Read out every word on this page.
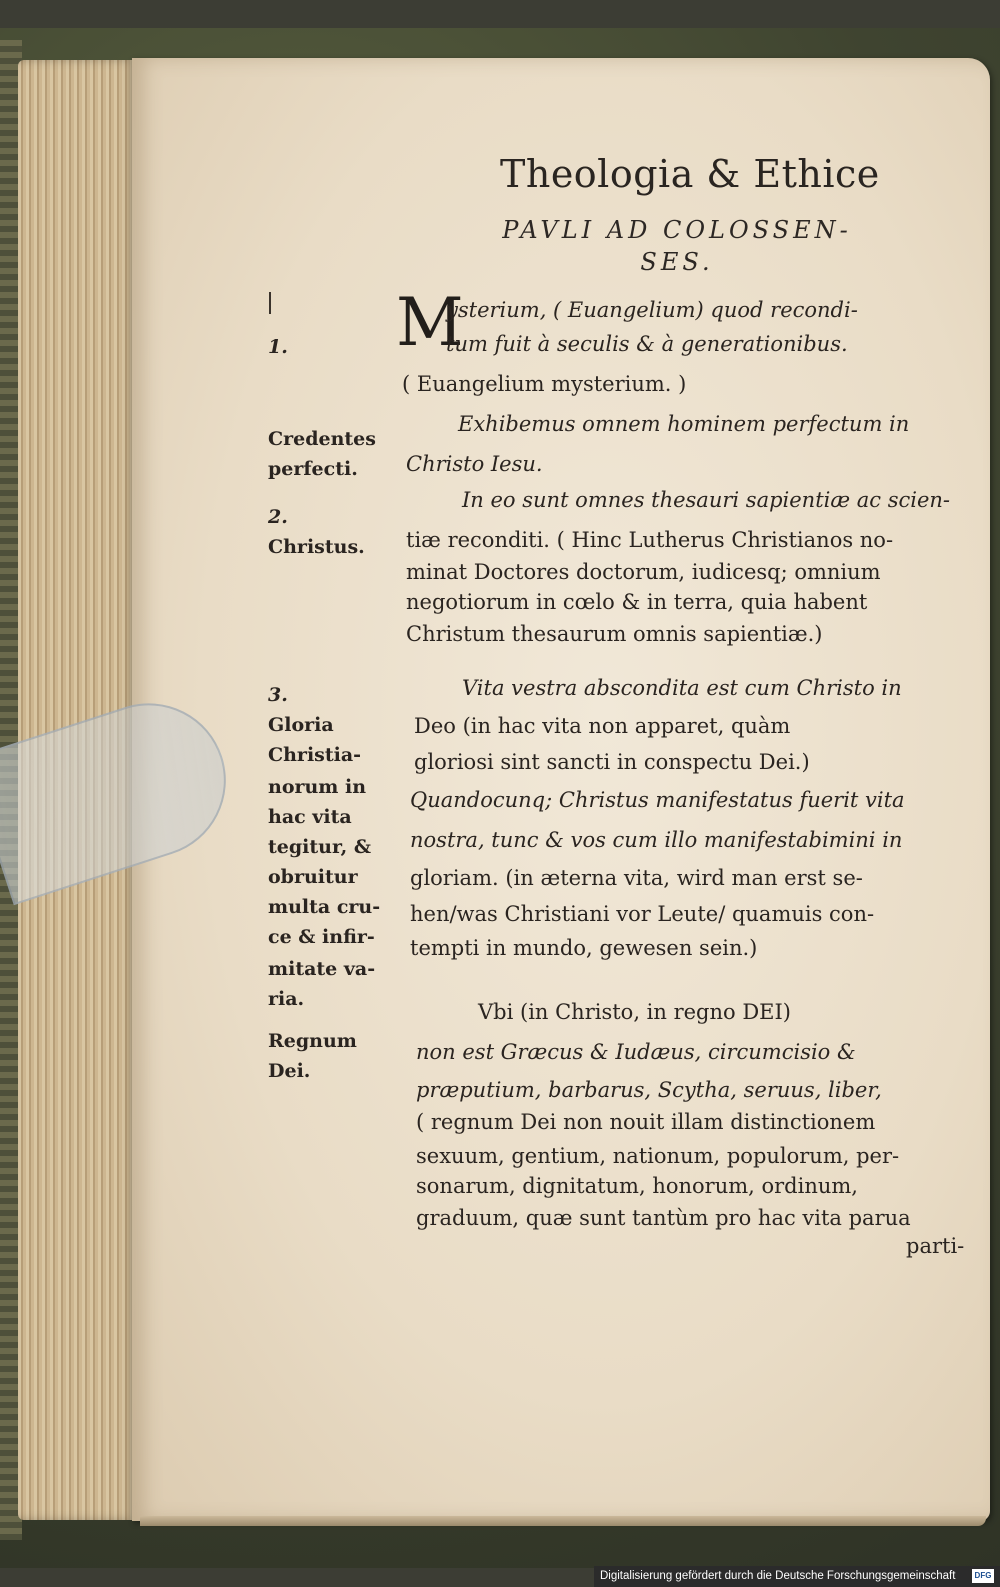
Theologia & Ethice
PAVLI AD COLOSSEN-
SES.
M
ysterium, ( Euangelium) quod recondi-
tum fuit à seculis & à generationibus.
( Euangelium mysterium. )
Exhibemus omnem hominem perfectum in
Christo Iesu.
In eo sunt omnes thesauri sapientiæ ac scien-
tiæ reconditi. ( Hinc Lutherus Christianos no-
minat Doctores doctorum, iudicesq; omnium
negotiorum in cœlo & in terra, quia habent
Christum thesaurum omnis sapientiæ.)
Vita vestra abscondita est cum Christo in
Deo (in hac vita non apparet, quàm
gloriosi sint sancti in conspectu Dei.)
Quandocunq; Christus manifestatus fuerit vita
nostra, tunc & vos cum illo manifestabimini in
gloriam. (in æterna vita, wird man erst se-
hen/was Christiani vor Leute/ quamuis con-
tempti in mundo, gewesen sein.)
Vbi (in Christo, in regno DEI)
non est Græcus & Iudæus, circumcisio &
præputium, barbarus, Scytha, seruus, liber,
( regnum Dei non nouit illam distinctionem
sexuum, gentium, nationum, populorum, per-
sonarum, dignitatum, honorum, ordinum,
graduum, quæ sunt tantùm pro hac vita parua
parti-
1.
Credentes
perfecti.
2.
Christus.
3.
Gloria
Christia-
norum in
hac vita
tegitur, &
obruitur
multa cru-
ce & infir-
mitate va-
ria.
Regnum
Dei.
Digitalisierung gefördert durch die Deutsche Forschungsgemeinschaft	DFG
